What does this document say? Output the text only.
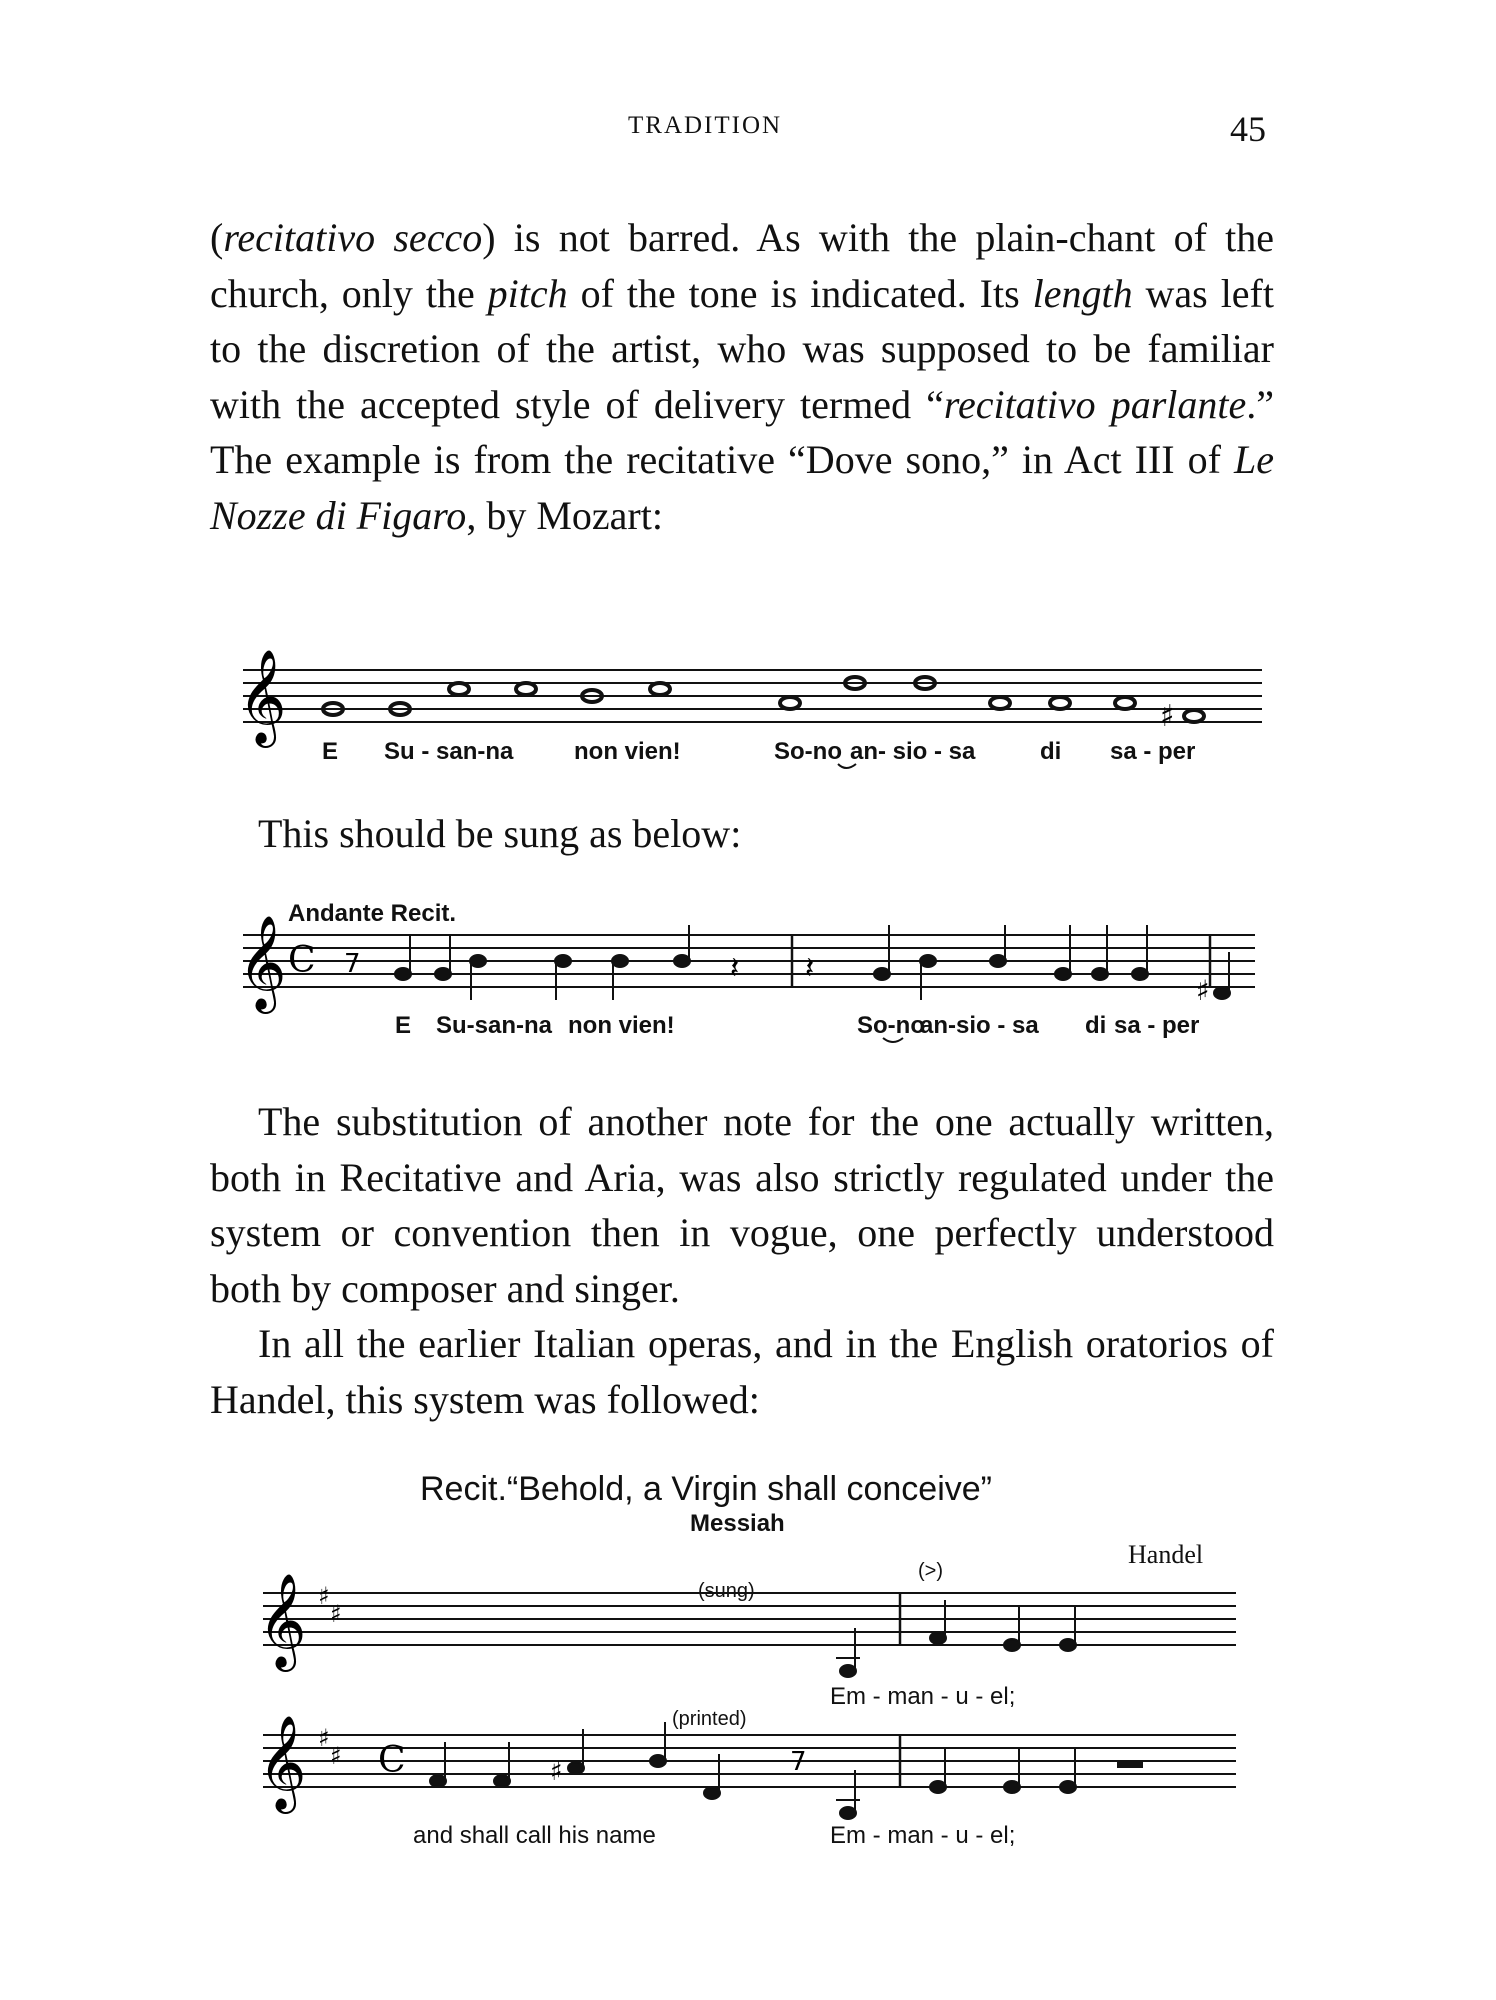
TRADITION	45

(recitativo secco) is not barred. As with the plain-chant of the church, only the pitch of the tone is indicated. Its length was left to the discretion of the artist, who was supposed to be familiar with the accepted style of delivery termed “recitativo parlante.” The example is from the recitative “Dove sono,” in Act III of Le Nozze di Figaro, by Mozart:

𝄞	♯
E Su - san-na	non vien!	So-no an- sio - sa	di sa - per
This should be sung as below:
𝄞 C 7	𝄽 𝄽
♯
Andante Recit.
E Su-san-na non vien!	So-no
an-sio - sa di sa - per

The substitution of another note for the one actually written, both in Recitative and Aria, was also strictly regulated under the system or convention then in vogue, one perfectly understood both by composer and singer.

In all the earlier Italian operas, and in the English oratorios of Handel, this system was followed:

Recit.“Behold, a Virgin shall conceive”
Messiah
Handel
𝄞 ♯
♯
𝄞 ♯
♯ C	♯	7
(sung)
(>)
(printed)
Em - man - u - el;
and shall call his name	Em - man - u - el;
